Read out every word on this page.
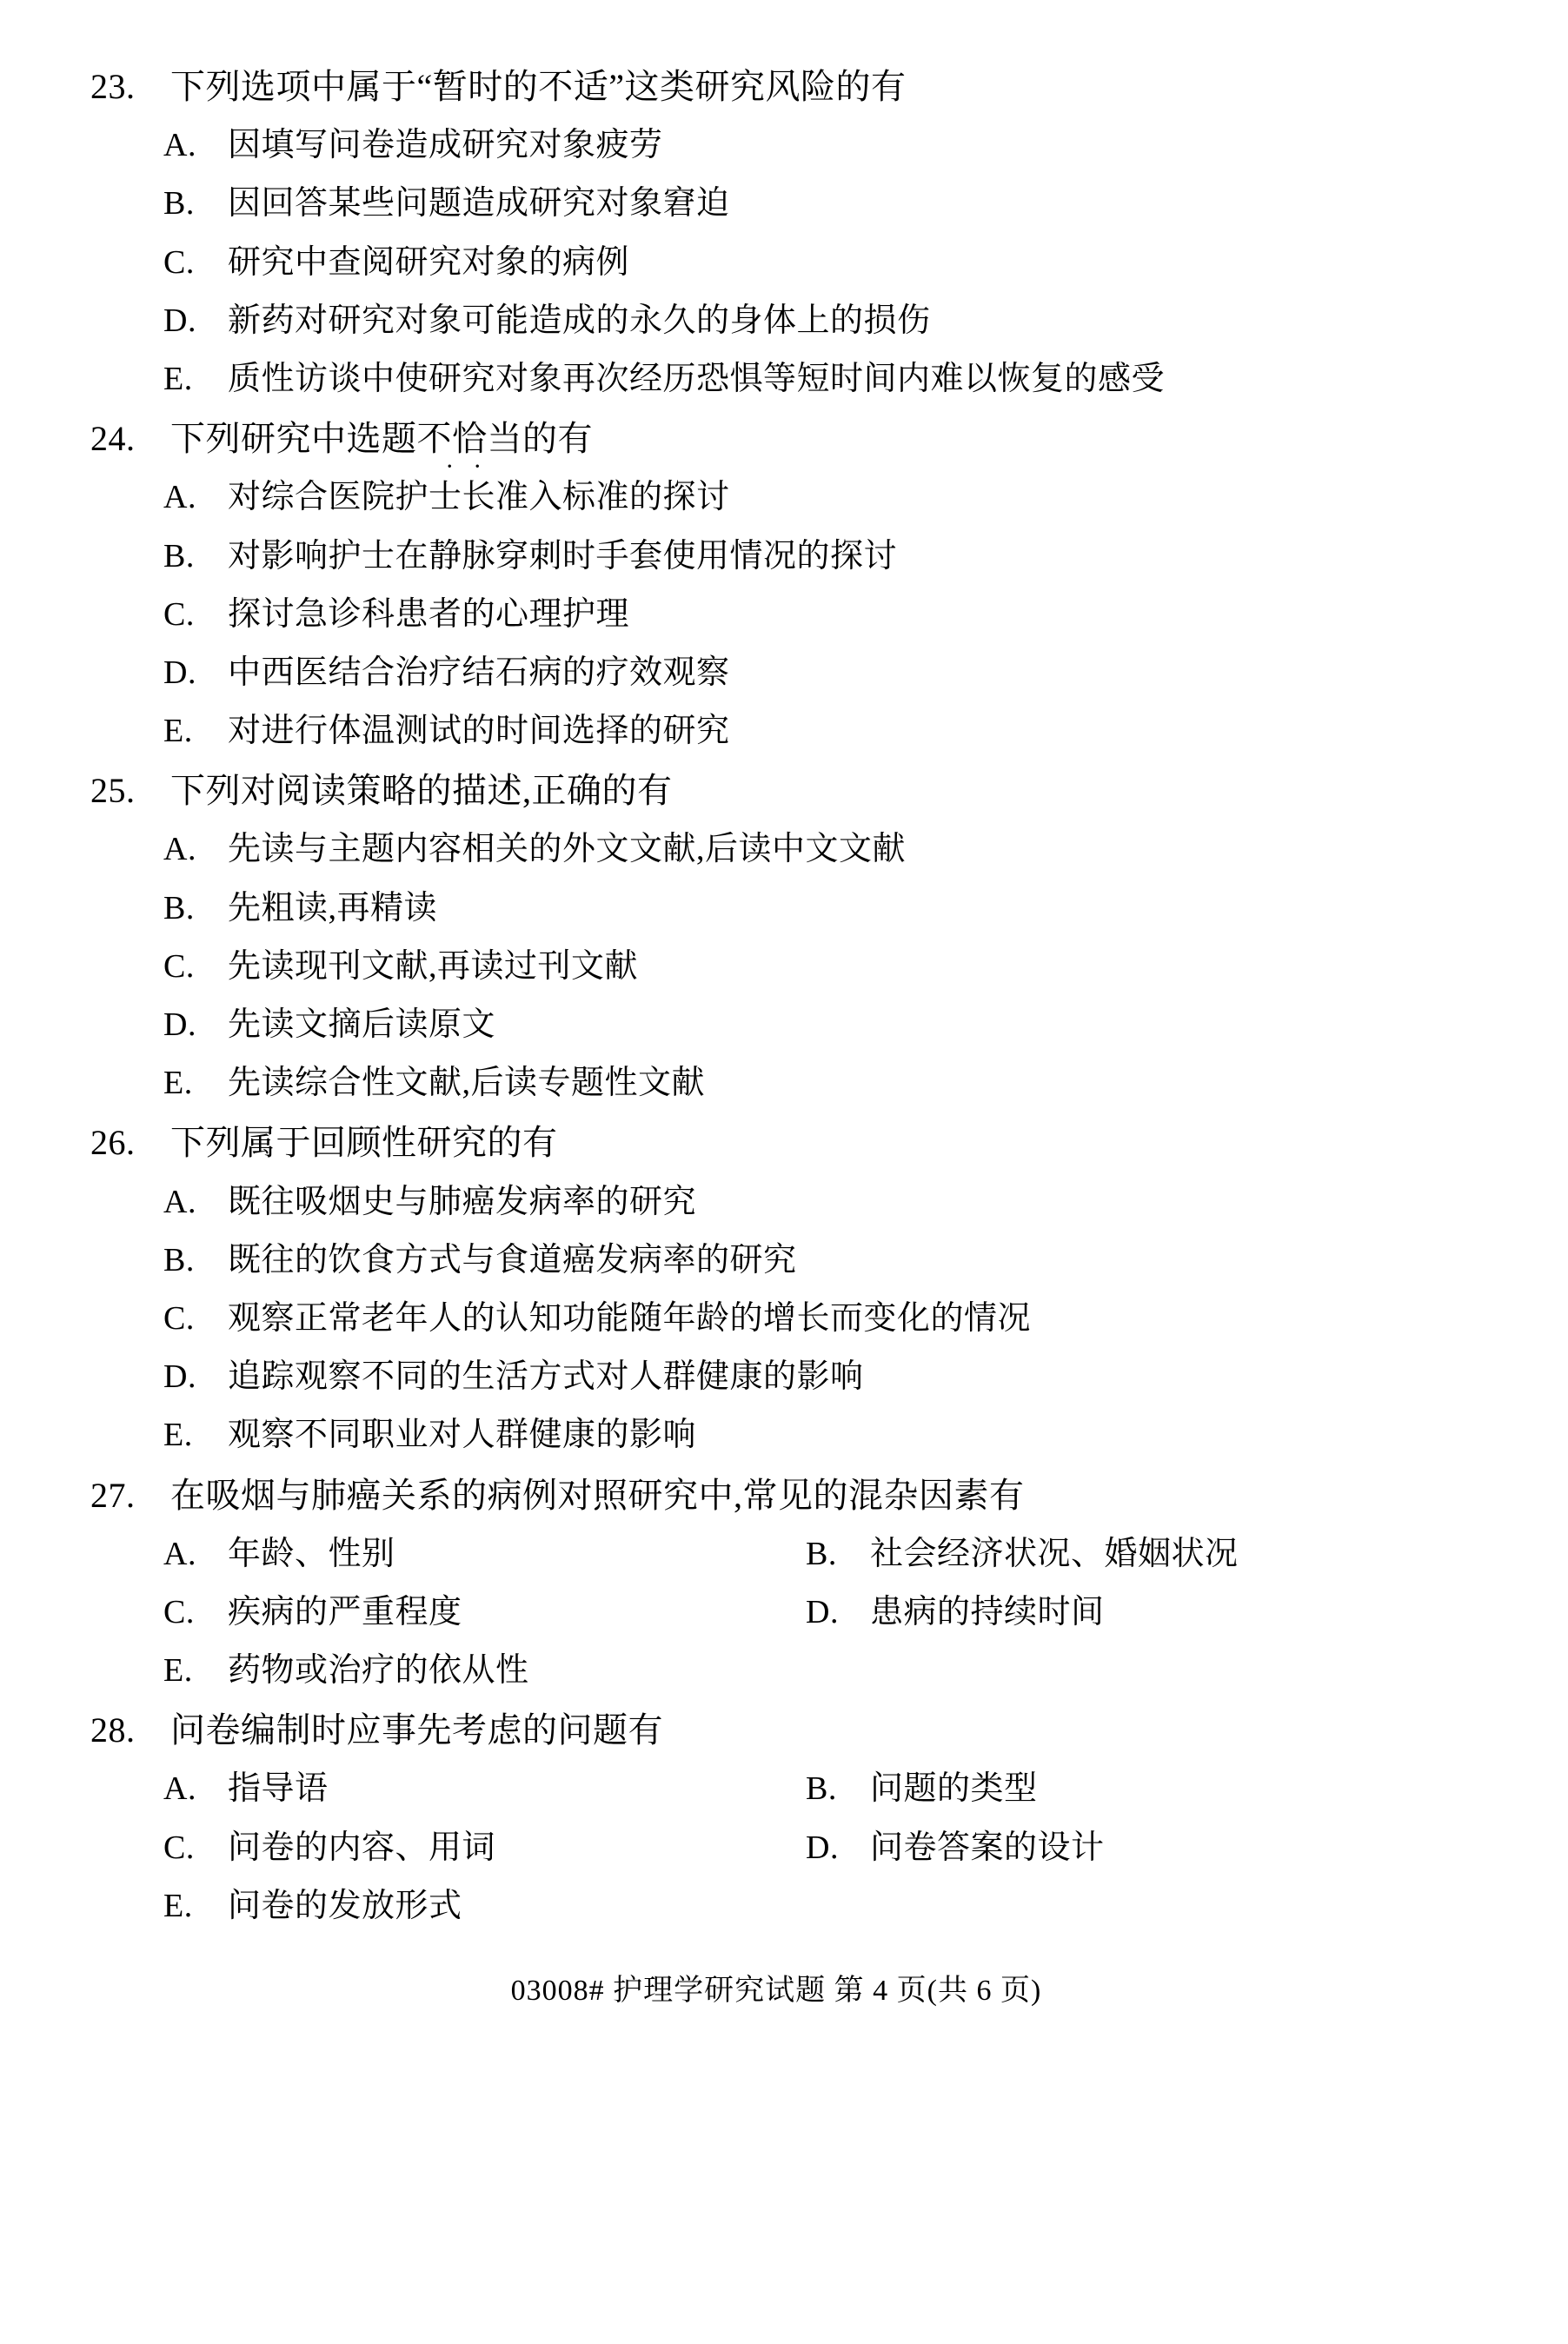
23.	下列选项中属于“暂时的不适”这类研究风险的有
A. 因填写问卷造成研究对象疲劳
B.	因回答某些问题造成研究对象窘迫
C.	研究中查阅研究对象的病例
D. 新药对研究对象可能造成的永久的身体上的损伤
E.	质性访谈中使研究对象再次经历恐惧等短时间内难以恢复的感受
24.	下列研究中选题不恰当 ··的有
A. 对综合医院护士长准入标准的探讨
B.	对影响护士在静脉穿刺时手套使用情况的探讨
C.	探讨急诊科患者的心理护理
D. 中西医结合治疗结石病的疗效观察
E.	对进行体温测试的时间选择的研究
25.	下列对阅读策略的描述,正确的有
A. 先读与主题内容相关的外文文献,后读中文文献
B.	先粗读,再精读
C.	先读现刊文献,再读过刊文献
D. 先读文摘后读原文
E.	先读综合性文献,后读专题性文献
26.	下列属于回顾性研究的有
A. 既往吸烟史与肺癌发病率的研究
B.	既往的饮食方式与食道癌发病率的研究
C.	观察正常老年人的认知功能随年龄的增长而变化的情况
D. 追踪观察不同的生活方式对人群健康的影响
E.	观察不同职业对人群健康的影响
27.	在吸烟与肺癌关系的病例对照研究中,常见的混杂因素有
A. 年龄、性别	B.	社会经济状况、婚姻状况
C.	疾病的严重程度	D. 患病的持续时间
E.	药物或治疗的依从性
28.	问卷编制时应事先考虑的问题有
A. 指导语	B.	问题的类型
C.	问卷的内容、用词	D. 问卷答案的设计
E.	问卷的发放形式
03008# 护理学研究试题 第 4 页(共 6 页)
